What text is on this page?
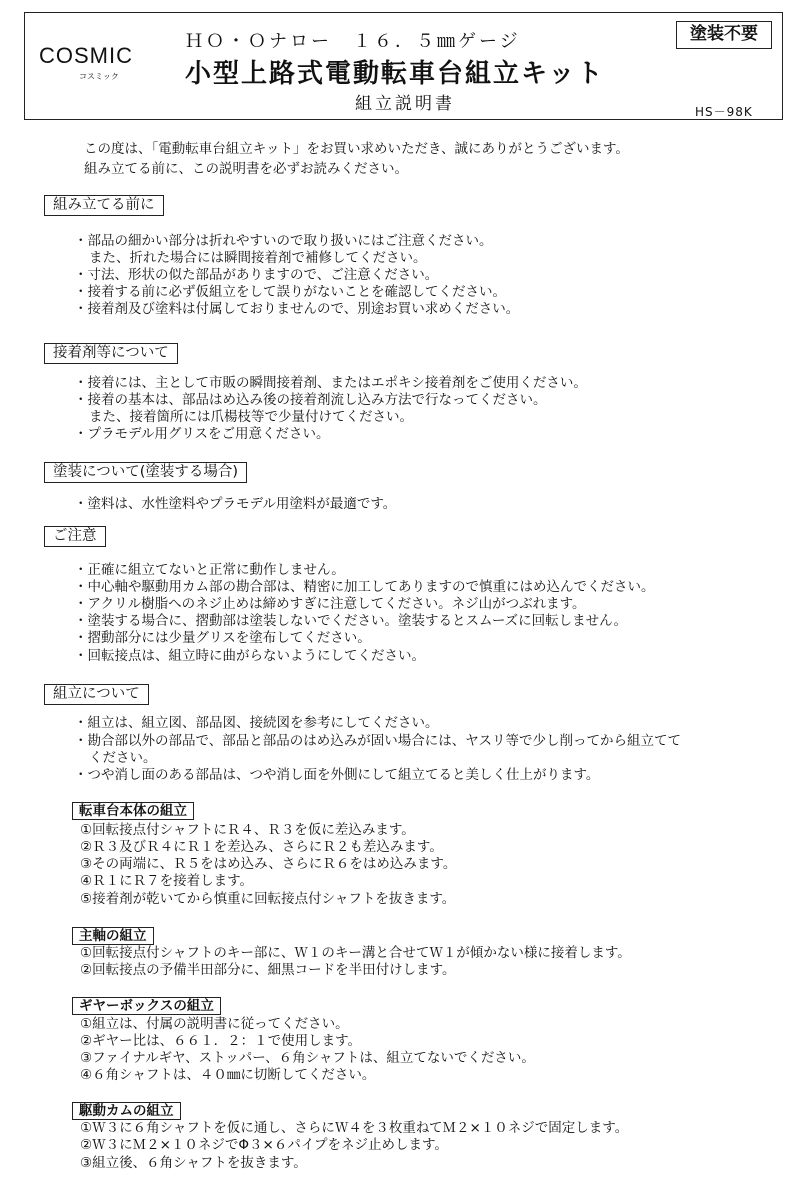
COSMIC
コスミック
ＨＯ・Ｏナロー　１６．５㎜ゲージ
小型上路式電動転車台組立キット
組立説明書
塗装不要
HS－98K
この度は、「電動転車台組立キット」をお買い求めいただき、誠にありがとうございます。
組み立てる前に、この説明書を必ずお読みください。
組み立てる前に
・部品の細かい部分は折れやすいので取り扱いにはご注意ください。
また、折れた場合には瞬間接着剤で補修してください。
・寸法、形状の似た部品がありますので、ご注意ください。
・接着する前に必ず仮組立をして誤りがないことを確認してください。
・接着剤及び塗料は付属しておりませんので、別途お買い求めください。
接着剤等について
・接着には、主として市販の瞬間接着剤、またはエポキシ接着剤をご使用ください。
・接着の基本は、部品はめ込み後の接着剤流し込み方法で行なってください。
また、接着箇所には爪楊枝等で少量付けてください。
・プラモデル用グリスをご用意ください。
塗装について(塗装する場合)
・塗料は、水性塗料やプラモデル用塗料が最適です。
ご注意
・正確に組立てないと正常に動作しません。
・中心軸や駆動用カム部の勘合部は、精密に加工してありますので慎重にはめ込んでください。
・アクリル樹脂へのネジ止めは締めすぎに注意してください。ネジ山がつぶれます。
・塗装する場合に、摺動部は塗装しないでください。塗装するとスムーズに回転しません。
・摺動部分には少量グリスを塗布してください。
・回転接点は、組立時に曲がらないようにしてください。
組立について
・組立は、組立図、部品図、接続図を参考にしてください。
・勘合部以外の部品で、部品と部品のはめ込みが固い場合には、ヤスリ等で少し削ってから組立てて
ください。
・つや消し面のある部品は、つや消し面を外側にして組立てると美しく仕上がります。
転車台本体の組立
①回転接点付シャフトにＲ４、Ｒ３を仮に差込みます。
②Ｒ３及びＲ４にＲ１を差込み、さらにＲ２も差込みます。
③その両端に、Ｒ５をはめ込み、さらにＲ６をはめ込みます。
④Ｒ１にＲ７を接着します。
⑤接着剤が乾いてから慎重に回転接点付シャフトを抜きます。
主軸の組立
①回転接点付シャフトのキー部に、Ｗ１のキー溝と合せてＷ１が傾かない様に接着します。
②回転接点の予備半田部分に、細黒コードを半田付けします。
ギヤーボックスの組立
①組立は、付属の説明書に従ってください。
②ギヤー比は、６６１．２：１で使用します。
③ファイナルギヤ、ストッパー、６角シャフトは、組立てないでください。
④６角シャフトは、４０㎜に切断してください。
駆動カムの組立
①Ｗ３に６角シャフトを仮に通し、さらにＷ４を３枚重ねてＭ２×１０ネジで固定します。
②Ｗ３にＭ２×１０ネジでΦ３×６パイプをネジ止めします。
③組立後、６角シャフトを抜きます。
